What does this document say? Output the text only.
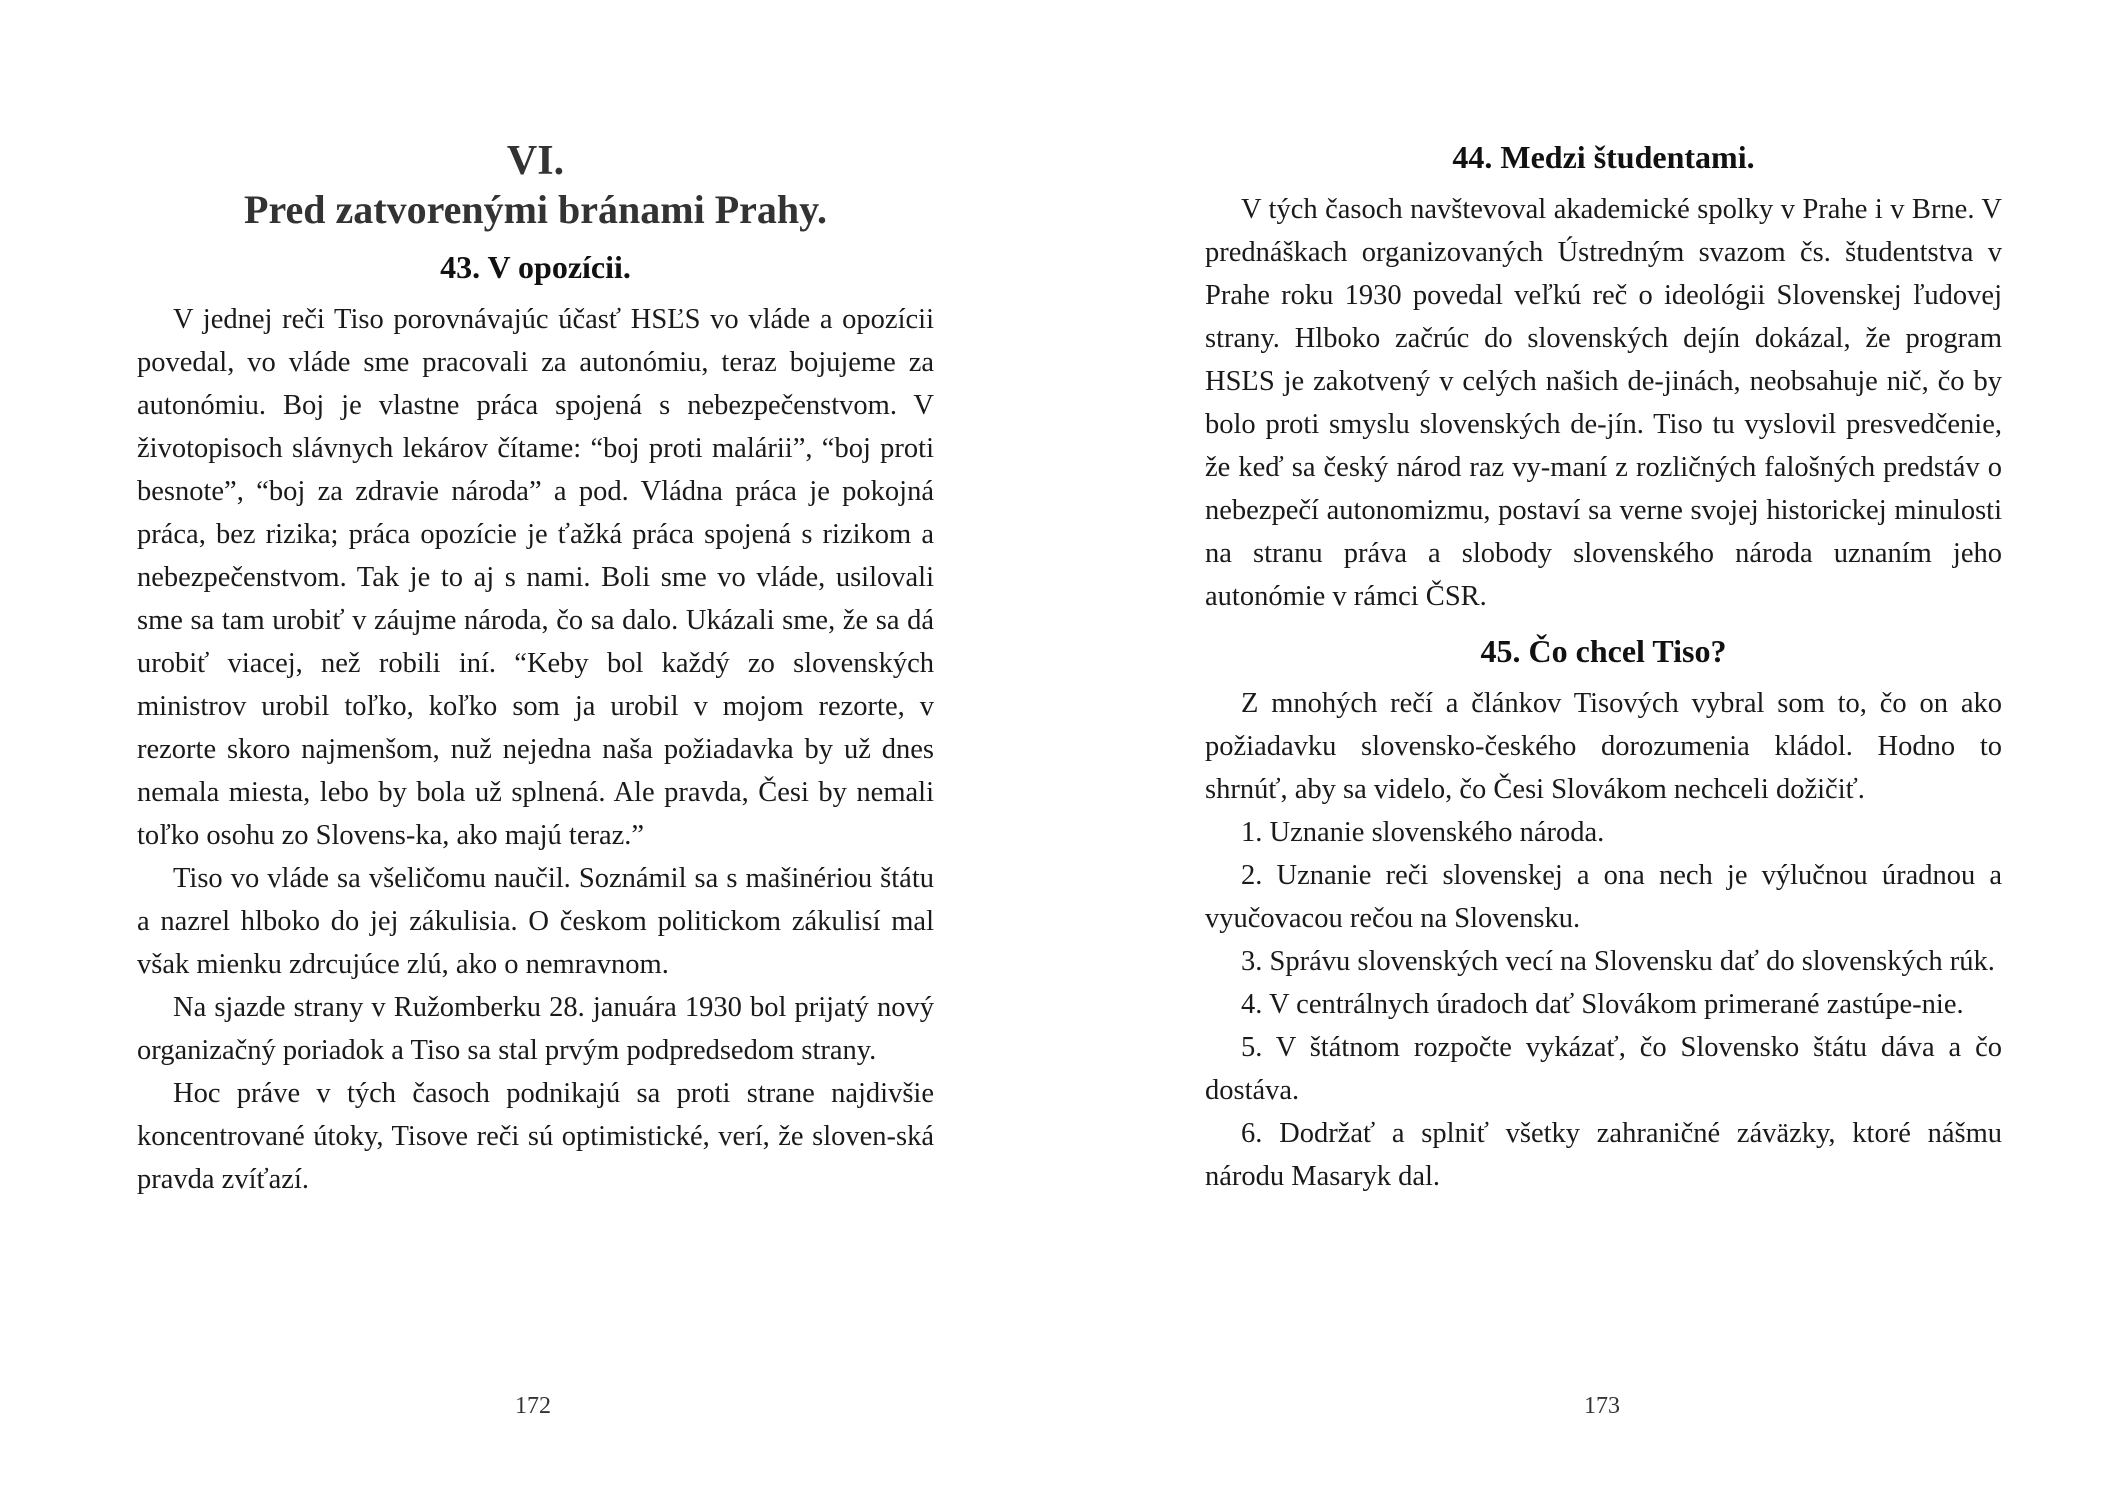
VI.
Pred zatvorenými bránami Prahy.
43. V opozícii.

V jednej reči Tiso porovnávajúc účasť HSĽS vo vláde a opozícii povedal, vo vláde sme pracovali za autonómiu, teraz bojujeme za autonómiu. Boj je vlastne práca spojená s nebezpečenstvom. V životopisoch slávnych lekárov čítame: “boj proti malárii”, “boj proti besnote”, “boj za zdravie národa” a pod. Vládna práca je pokojná práca, bez rizika; práca opozície je ťažká práca spojená s rizikom a nebezpečenstvom. Tak je to aj s nami. Boli sme vo vláde, usilovali sme sa tam urobiť v záujme národa, čo sa dalo. Ukázali sme, že sa dá urobiť viacej, než robili iní. “Keby bol každý zo slovenských ministrov urobil toľko, koľko som ja urobil v mojom rezorte, v rezorte skoro najmenšom, nuž nejedna naša požiadavka by už dnes nemala miesta, lebo by bola už splnená. Ale pravda, Česi by nemali toľko osohu zo Slovens-ka, ako majú teraz.”

Tiso vo vláde sa všeličomu naučil. Soznámil sa s mašinériou štátu a nazrel hlboko do jej zákulisia. O českom politickom zákulisí mal však mienku zdrcujúce zlú, ako o nemravnom.

Na sjazde strany v Ružomberku 28. januára 1930 bol prijatý nový organizačný poriadok a Tiso sa stal prvým podpredsedom strany.

Hoc práve v tých časoch podnikajú sa proti strane najdivšie koncentrované útoky, Tisove reči sú optimistické, verí, že sloven-ská pravda zvíťazí.

172
44. Medzi študentami.

V tých časoch navštevoval akademické spolky v Prahe i v Brne. V prednáškach organizovaných Ústredným svazom čs. študentstva v Prahe roku 1930 povedal veľkú reč o ideológii Slovenskej ľudovej strany. Hlboko začrúc do slovenských dejín dokázal, že program HSĽS je zakotvený v celých našich de-jinách, neobsahuje nič, čo by bolo proti smyslu slovenských de-jín. Tiso tu vyslovil presvedčenie, že keď sa český národ raz vy-maní z rozličných falošných predstáv o nebezpečí autonomizmu, postaví sa verne svojej historickej minulosti na stranu práva a slobody slovenského národa uznaním jeho autonómie v rámci ČSR.

45. Čo chcel Tiso?

Z mnohých rečí a článkov Tisových vybral som to, čo on ako požiadavku slovensko-českého dorozumenia kládol. Hodno to shrnúť, aby sa videlo, čo Česi Slovákom nechceli dožičiť.

1. Uznanie slovenského národa.

2. Uznanie reči slovenskej a ona nech je výlučnou úradnou a vyučovacou rečou na Slovensku.

3. Správu slovenských vecí na Slovensku dať do slovenských rúk.

4. V centrálnych úradoch dať Slovákom primerané zastúpe-nie.

5. V štátnom rozpočte vykázať, čo Slovensko štátu dáva a čo dostáva.

6. Dodržať a splniť všetky zahraničné záväzky, ktoré nášmu národu Masaryk dal.

173
